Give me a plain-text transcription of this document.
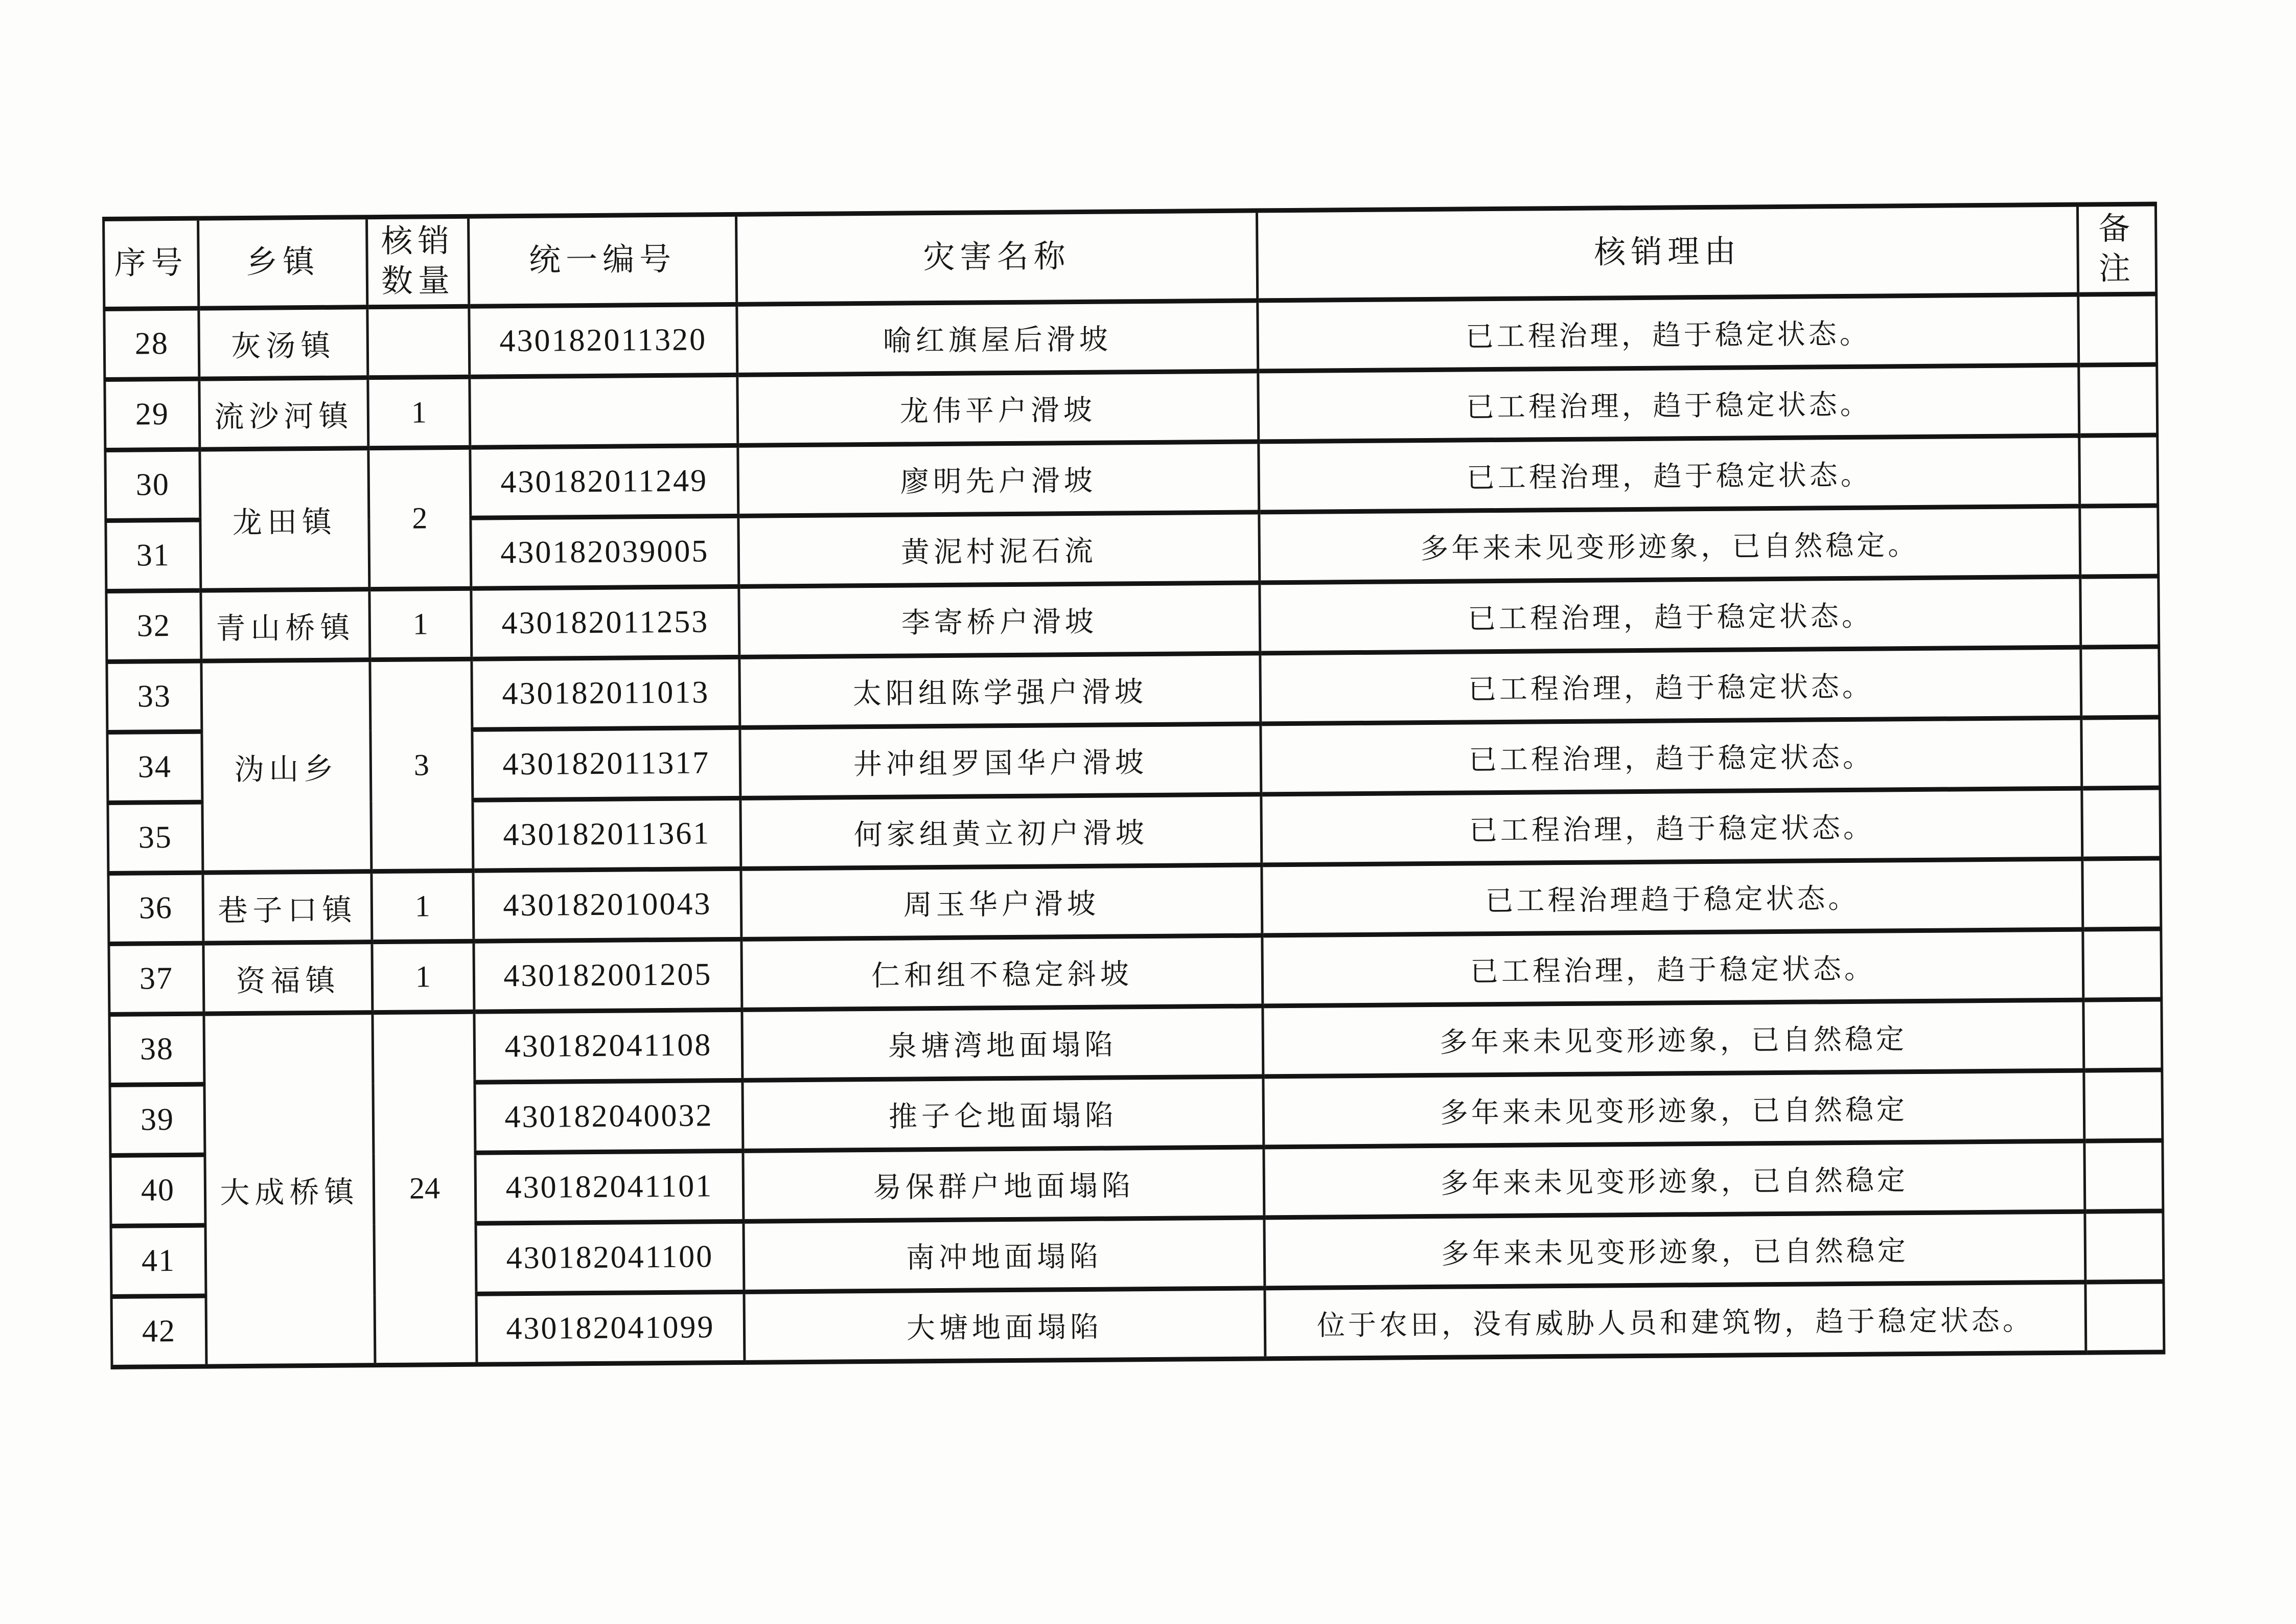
序号	乡镇	核销数量	统一编号	灾害名称	核销理由	备注
28	灰汤镇		430182011320	喻红旗屋后滑坡	已工程治理，趋于稳定状态。	
29	流沙河镇	1		龙伟平户滑坡	已工程治理，趋于稳定状态。	
30	龙田镇	2	430182011249	廖明先户滑坡	已工程治理，趋于稳定状态。	
31			430182039005	黄泥村泥石流	多年来未见变形迹象，已自然稳定。	
32	青山桥镇	1	430182011253	李寄桥户滑坡	已工程治理，趋于稳定状态。	
33	沩山乡	3	430182011013	太阳组陈学强户滑坡	已工程治理，趋于稳定状态。	
34			430182011317	井冲组罗国华户滑坡	已工程治理，趋于稳定状态。	
35			430182011361	何家组黄立初户滑坡	已工程治理，趋于稳定状态。	
36	巷子口镇	1	430182010043	周玉华户滑坡	已工程治理趋于稳定状态。	
37	资福镇	1	430182001205	仁和组不稳定斜坡	已工程治理，趋于稳定状态。	
38	大成桥镇	24	430182041108	泉塘湾地面塌陷	多年来未见变形迹象，已自然稳定	
39			430182040032	推子仑地面塌陷	多年来未见变形迹象，已自然稳定	
40			430182041101	易保群户地面塌陷	多年来未见变形迹象，已自然稳定	
41			430182041100	南冲地面塌陷	多年来未见变形迹象，已自然稳定	
42			430182041099	大塘地面塌陷	位于农田，没有威胁人员和建筑物，趋于稳定状态。	
